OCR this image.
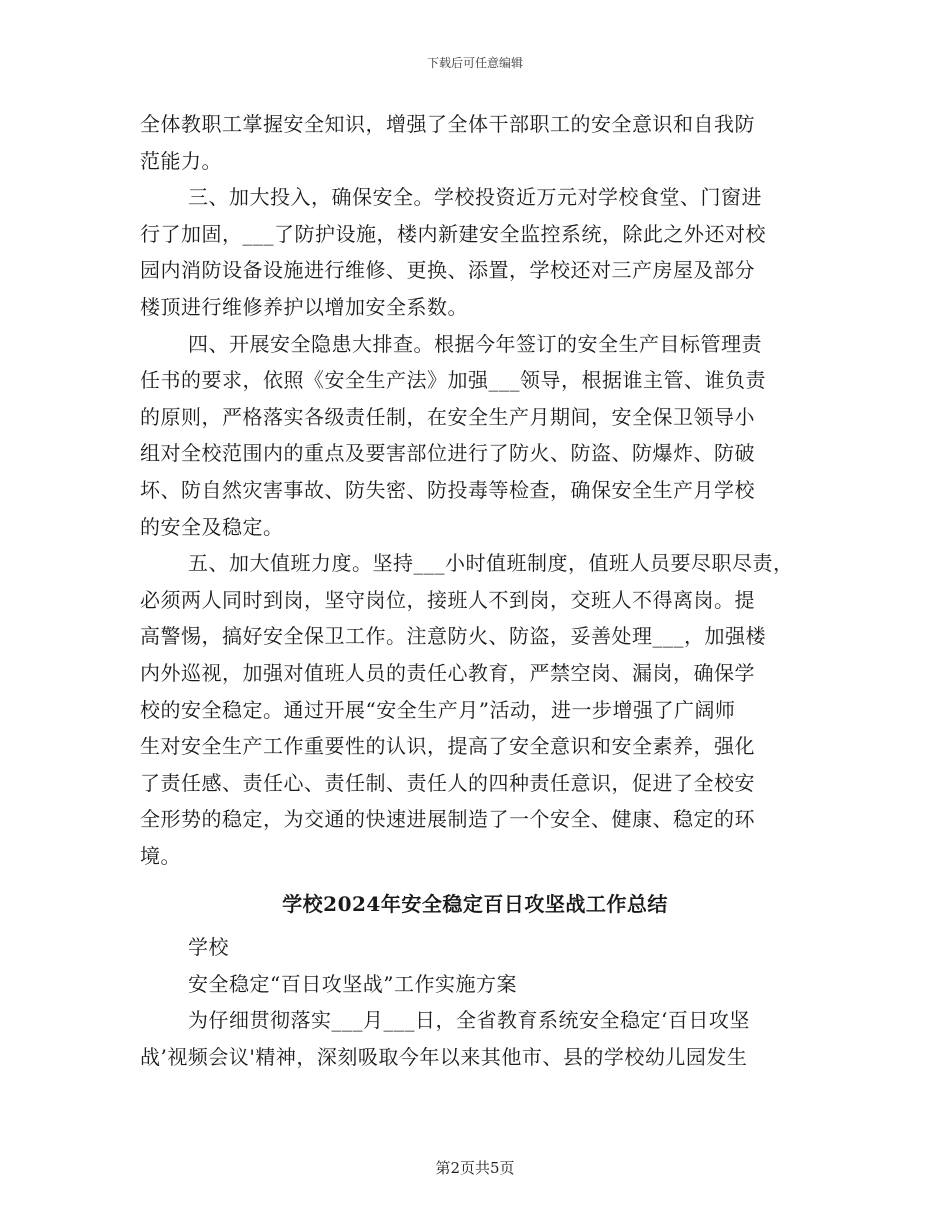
下载后可任意编辑
全体教职工掌握安全知识，增强了全体干部职工的安全意识和自我防
范能力。
三、加大投入，确保安全。学校投资近万元对学校食堂、门窗进
行了加固，___了防护设施，楼内新建安全监控系统，除此之外还对校
园内消防设备设施进行维修、更换、添置，学校还对三产房屋及部分
楼顶进行维修养护以增加安全系数。
四、开展安全隐患大排查。根据今年签订的安全生产目标管理责
任书的要求，依照《安全生产法》加强___领导，根据谁主管、谁负责
的原则，严格落实各级责任制，在安全生产月期间，安全保卫领导小
组对全校范围内的重点及要害部位进行了防火、防盗、防爆炸、防破
坏、防自然灾害事故、防失密、防投毒等检查，确保安全生产月学校
的安全及稳定。
五、加大值班力度。坚持___小时值班制度，值班人员要尽职尽责，
必须两人同时到岗，坚守岗位，接班人不到岗，交班人不得离岗。提
高警惕，搞好安全保卫工作。注意防火、防盗，妥善处理___，加强楼
内外巡视，加强对值班人员的责任心教育，严禁空岗、漏岗，确保学
校的安全稳定。通过开展“安全生产月”活动，进一步增强了广阔师
生对安全生产工作重要性的认识，提高了安全意识和安全素养，强化
了责任感、责任心、责任制、责任人的四种责任意识，促进了全校安
全形势的稳定，为交通的快速进展制造了一个安全、健康、稳定的环
境。
学校2024年安全稳定百日攻坚战工作总结
学校
安全稳定“百日攻坚战”工作实施方案
为仔细贯彻落实___月___日，全省教育系统安全稳定‘百日攻坚
战’视频会议'精神，深刻吸取今年以来其他市、县的学校幼儿园发生
第2页共5页
